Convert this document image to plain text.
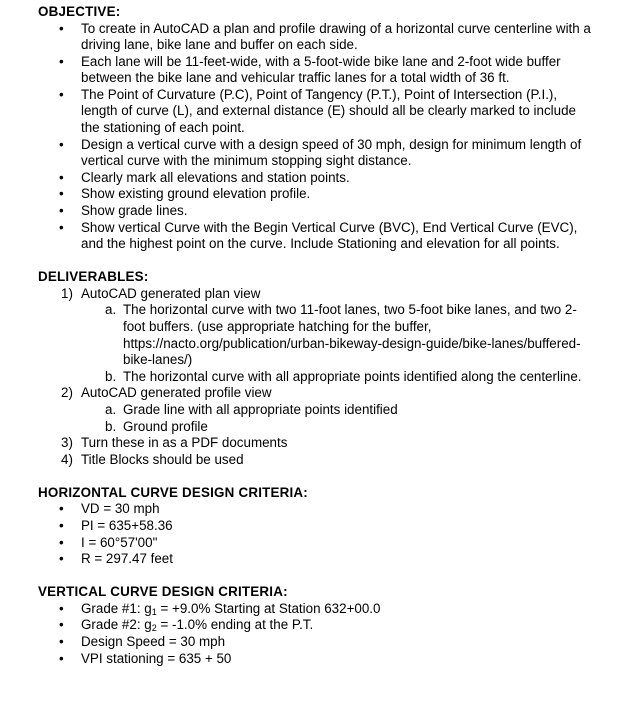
OBJECTIVE:
• To create in AutoCAD a plan and profile drawing of a horizontal curve centerline with a driving lane, bike lane and buffer on each side.
• Each lane will be 11-feet-wide, with a 5-foot-wide bike lane and 2-foot wide buffer between the bike lane and vehicular traffic lanes for a total width of 36 ft.
• The Point of Curvature (P.C), Point of Tangency (P.T.), Point of Intersection (P.I.), length of curve (L), and external distance (E) should all be clearly marked to include the stationing of each point.
• Design a vertical curve with a design speed of 30 mph, design for minimum length of vertical curve with the minimum stopping sight distance.
• Clearly mark all elevations and station points.
• Show existing ground elevation profile.
• Show grade lines.
• Show vertical Curve with the Begin Vertical Curve (BVC), End Vertical Curve (EVC), and the highest point on the curve. Include Stationing and elevation for all points.
DELIVERABLES:
1) AutoCAD generated plan view
a. The horizontal curve with two 11-foot lanes, two 5-foot bike lanes, and two 2-foot buffers. (use appropriate hatching for the buffer, https://nacto.org/publication/urban-bikeway-design-guide/bike-lanes/buffered-bike-lanes/)
b. The horizontal curve with all appropriate points identified along the centerline.
2) AutoCAD generated profile view
a. Grade line with all appropriate points identified
b. Ground profile
3) Turn these in as a PDF documents
4) Title Blocks should be used
HORIZONTAL CURVE DESIGN CRITERIA:
• VD = 30 mph
• PI = 635+58.36
• I = 60°57'00"
• R = 297.47 feet
VERTICAL CURVE DESIGN CRITERIA:
• Grade #1: $g_1 = +9.0\%$ Starting at Station 632+00.0
• Grade #2: $g_2 = -1.0\%$ ending at the P.T.
• Design Speed = 30 mph
• VPI stationing = 635 + 50
